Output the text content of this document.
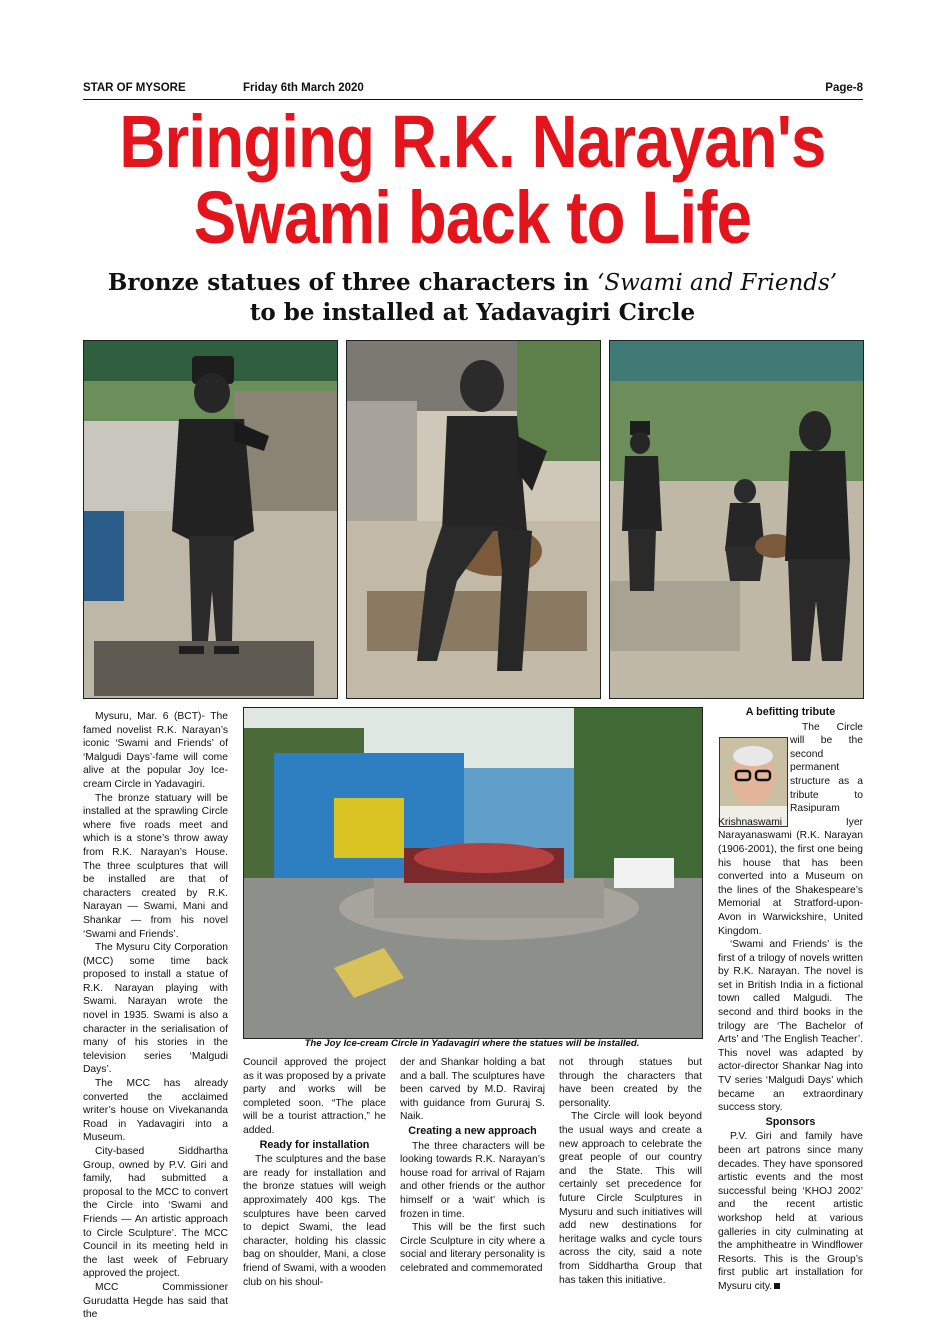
STAR OF MYSORE	Friday 6th March 2020	Page-8
Bringing R.K. Narayan's
Swami back to Life
Bronze statues of three characters in ‘Swami and Friends’
to be installed at Yadavagiri Circle
The Joy Ice-cream Circle in Yadavagiri where the statues will be installed.

Mysuru, Mar. 6 (BCT)- The famed novelist R.K. Narayan’s iconic ‘Swami and Friends’ of ‘Malgudi Days’-fame will come alive at the popular Joy Ice-cream Circle in Yadavagiri.

The bronze statuary will be installed at the sprawling Circle where five roads meet and which is a stone’s throw away from R.K. Narayan’s House. The three sculptures that will be installed are that of characters created by R.K. Narayan — Swami, Mani and Shankar — from his novel ‘Swami and Friends’.

The Mysuru City Corporation (MCC) some time back proposed to install a statue of R.K. Narayan playing with Swami. Narayan wrote the novel in 1935. Swami is also a character in the serialisation of many of his stories in the television series ‘Malgudi Days’.

The MCC has already converted the acclaimed writer’s house on Vivekananda Road in Yadavagiri into a Museum.

City-based Siddhartha Group, owned by P.V. Giri and family, had submitted a proposal to the MCC to convert the Circle into ‘Swami and Friends — An artistic approach to Circle Sculpture’. The MCC Council in its meeting held in the last week of February approved the project.

MCC Commissioner Gurudatta Hegde has said that the

Council approved the project as it was proposed by a private party and works will be completed soon. “The place will be a tourist attraction,” he added.

Ready for installation

The sculptures and the base are ready for installation and the bronze statues will weigh approximately 400 kgs. The sculptures have been carved to depict Swami, the lead character, holding his classic bag on shoulder, Mani, a close friend of Swami, with a wooden club on his shoul-

der and Shankar holding a bat and a ball. The sculptures have been carved by M.D. Raviraj with guidance from Gururaj S. Naik.

Creating a new approach

The three characters will be looking towards R.K. Narayan’s house road for arrival of Rajam and other friends or the author himself or a ‘wait’ which is frozen in time.

This will be the first such Circle Sculpture in city where a social and literary personality is celebrated and commemorated

not through statues but through the characters that have been created by the personality.

The Circle will look beyond the usual ways and create a new approach to celebrate the great people of our country and the State. This will certainly set precedence for future Circle Sculptures in Mysuru and such initiatives will add new destinations for heritage walks and cycle tours across the city, said a note from Siddhartha Group that has taken this initiative.

A befitting tribute

The Circle will be the second permanent structure as a tribute to Rasipuram Krishnaswami Iyer Narayanaswami (R.K. Narayan (1906-2001), the first one being his house that has been converted into a Museum on the lines of the Shakespeare’s Memorial at Stratford-upon-Avon in Warwickshire, United Kingdom.

‘Swami and Friends’ is the first of a trilogy of novels written by R.K. Narayan. The novel is set in British India in a fictional town called Malgudi. The second and third books in the trilogy are ‘The Bachelor of Arts’ and ‘The English Teacher’. This novel was adapted by actor-director Shankar Nag into TV series ‘Malgudi Days’ which became an extraordinary success story.

Sponsors

P.V. Giri and family have been art patrons since many decades. They have sponsored artistic events and the most successful being ‘KHOJ 2002’ and the recent artistic workshop held at various galleries in city culminating at the amphitheatre in Windflower Resorts. This is the Group’s first public art installation for Mysuru city.
